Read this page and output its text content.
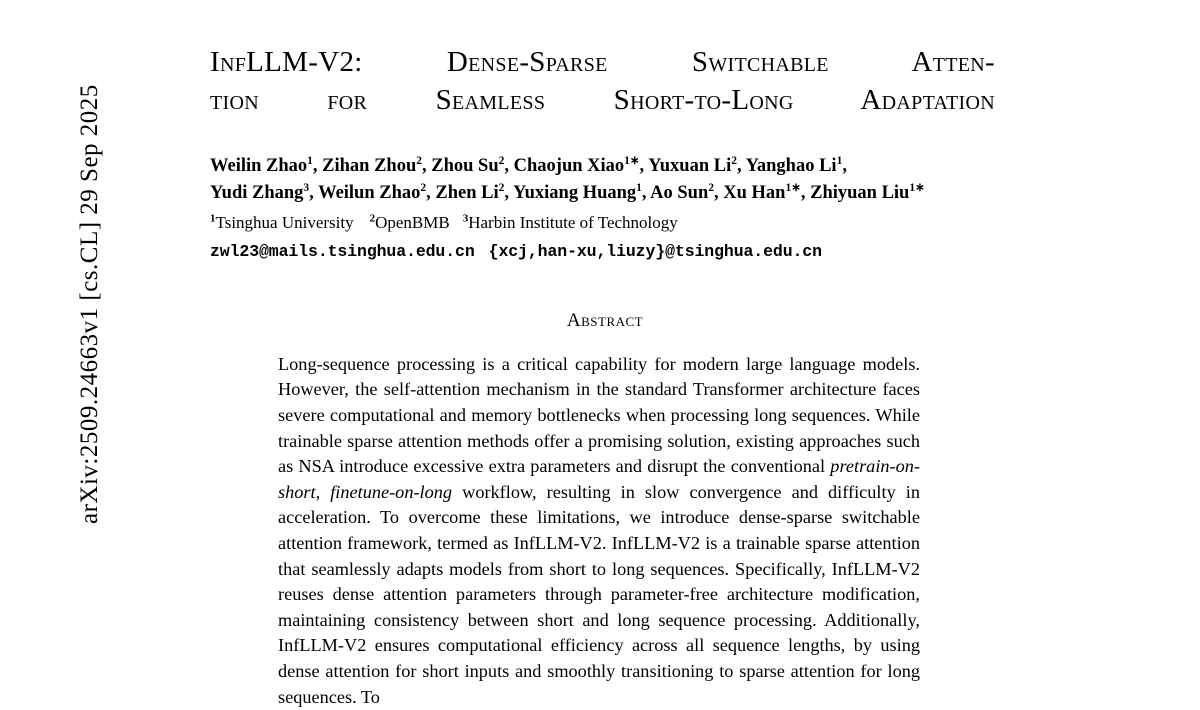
arXiv:2509.24663v1 [cs.CL] 29 Sep 2025
InfLLM-V2: Dense-Sparse Switchable Atten-
tion for Seamless Short-to-Long Adaptation
Weilin Zhao$^1$, Zihan Zhou$^2$, Zhou Su$^2$, Chaojun Xiao$^{1∗}$, Yuxuan Li$^2$, Yanghao Li$^1$,
Yudi Zhang$^3$, Weilun Zhao$^2$, Zhen Li$^2$, Yuxiang Huang$^1$, Ao Sun$^2$, Xu Han$^{1∗}$, Zhiyuan Liu$^{1∗}$
$^1$Tsinghua University $^2$OpenBMB $^3$Harbin Institute of Technology
zwl23@mails.tsinghua.edu.cn {xcj,han-xu,liuzy}@tsinghua.edu.cn
Abstract
Long-sequence processing is a critical capability for modern large language models. However, the self-attention mechanism in the standard Transformer architecture faces severe computational and memory bottlenecks when processing long sequences. While trainable sparse attention methods offer a promising solution, existing approaches such as NSA introduce excessive extra parameters and disrupt the conventional pretrain-on-short, finetune-on-long workflow, resulting in slow convergence and difficulty in acceleration. To overcome these limitations, we introduce dense-sparse switchable attention framework, termed as InfLLM-V2. InfLLM-V2 is a trainable sparse attention that seamlessly adapts models from short to long sequences. Specifically, InfLLM-V2 reuses dense attention parameters through parameter-free architecture modification, maintaining consistency between short and long sequence processing. Additionally, InfLLM-V2 ensures computational efficiency across all sequence lengths, by using dense attention for short inputs and smoothly transitioning to sparse attention for long sequences. To
